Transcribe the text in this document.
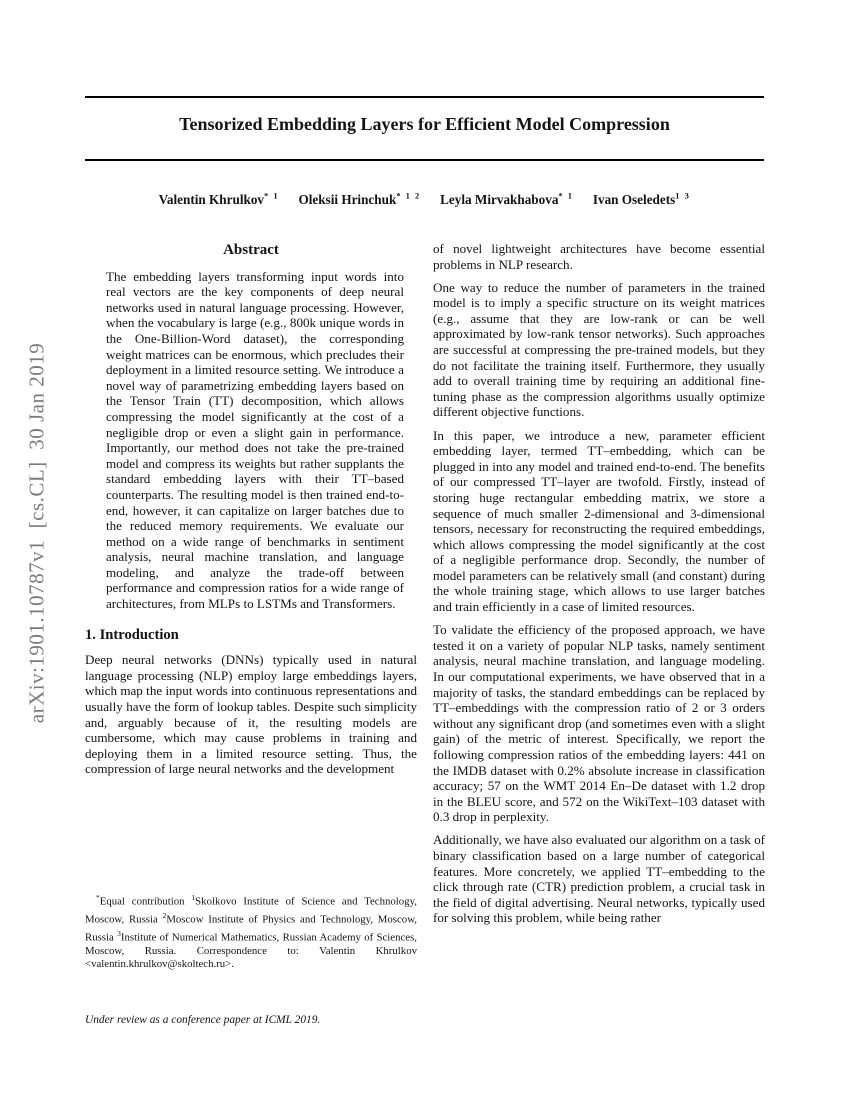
arXiv:1901.10787v1  [cs.CL]  30 Jan 2019
Tensorized Embedding Layers for Efficient Model Compression
Valentin Khrulkov$^{* 1}$ Oleksii Hrinchuk$^{* 1 2}$ Leyla Mirvakhabova$^{* 1}$ Ivan Oseledets$^{1 3}$
Abstract

The embedding layers transforming input words into real vectors are the key components of deep neural networks used in natural language processing. However, when the vocabulary is large (e.g., 800k unique words in the One-Billion-Word dataset), the corresponding weight matrices can be enormous, which precludes their deployment in a limited resource setting. We introduce a novel way of parametrizing embedding layers based on the Tensor Train (TT) decomposition, which allows compressing the model significantly at the cost of a negligible drop or even a slight gain in performance. Importantly, our method does not take the pre-trained model and compress its weights but rather supplants the standard embedding layers with their TT–based counterparts. The resulting model is then trained end-to-end, however, it can capitalize on larger batches due to the reduced memory requirements. We evaluate our method on a wide range of benchmarks in sentiment analysis, neural machine translation, and language modeling, and analyze the trade-off between performance and compression ratios for a wide range of architectures, from MLPs to LSTMs and Transformers.

1. Introduction

Deep neural networks (DNNs) typically used in natural language processing (NLP) employ large embeddings layers, which map the input words into continuous representations and usually have the form of lookup tables. Despite such simplicity and, arguably because of it, the resulting models are cumbersome, which may cause problems in training and deploying them in a limited resource setting. Thus, the compression of large neural networks and the development

of novel lightweight architectures have become essential problems in NLP research.

One way to reduce the number of parameters in the trained model is to imply a specific structure on its weight matrices (e.g., assume that they are low-rank or can be well approximated by low-rank tensor networks). Such approaches are successful at compressing the pre-trained models, but they do not facilitate the training itself. Furthermore, they usually add to overall training time by requiring an additional fine-tuning phase as the compression algorithms usually optimize different objective functions.

In this paper, we introduce a new, parameter efficient embedding layer, termed TT–embedding, which can be plugged in into any model and trained end-to-end. The benefits of our compressed TT–layer are twofold. Firstly, instead of storing huge rectangular embedding matrix, we store a sequence of much smaller 2-dimensional and 3-dimensional tensors, necessary for reconstructing the required embeddings, which allows compressing the model significantly at the cost of a negligible performance drop. Secondly, the number of model parameters can be relatively small (and constant) during the whole training stage, which allows to use larger batches and train efficiently in a case of limited resources.

To validate the efficiency of the proposed approach, we have tested it on a variety of popular NLP tasks, namely sentiment analysis, neural machine translation, and language modeling. In our computational experiments, we have observed that in a majority of tasks, the standard embeddings can be replaced by TT–embeddings with the compression ratio of 2 or 3 orders without any significant drop (and sometimes even with a slight gain) of the metric of interest. Specifically, we report the following compression ratios of the embedding layers: 441 on the IMDB dataset with 0.2% absolute increase in classification accuracy; 57 on the WMT 2014 En–De dataset with 1.2 drop in the BLEU score, and 572 on the WikiText–103 dataset with 0.3 drop in perplexity.

Additionally, we have also evaluated our algorithm on a task of binary classification based on a large number of categorical features. More concretely, we applied TT–embedding to the click through rate (CTR) prediction problem, a crucial task in the field of digital advertising. Neural networks, typically used for solving this problem, while being rather

*Equal contribution $^1$Skolkovo Institute of Science and Technology, Moscow, Russia $^2$Moscow Institute of Physics and Technology, Moscow, Russia $^3$Institute of Numerical Mathematics, Russian Academy of Sciences, Moscow, Russia. Correspondence to: Valentin Khrulkov <valentin.khrulkov@skoltech.ru>.

Under review as a conference paper at ICML 2019.
